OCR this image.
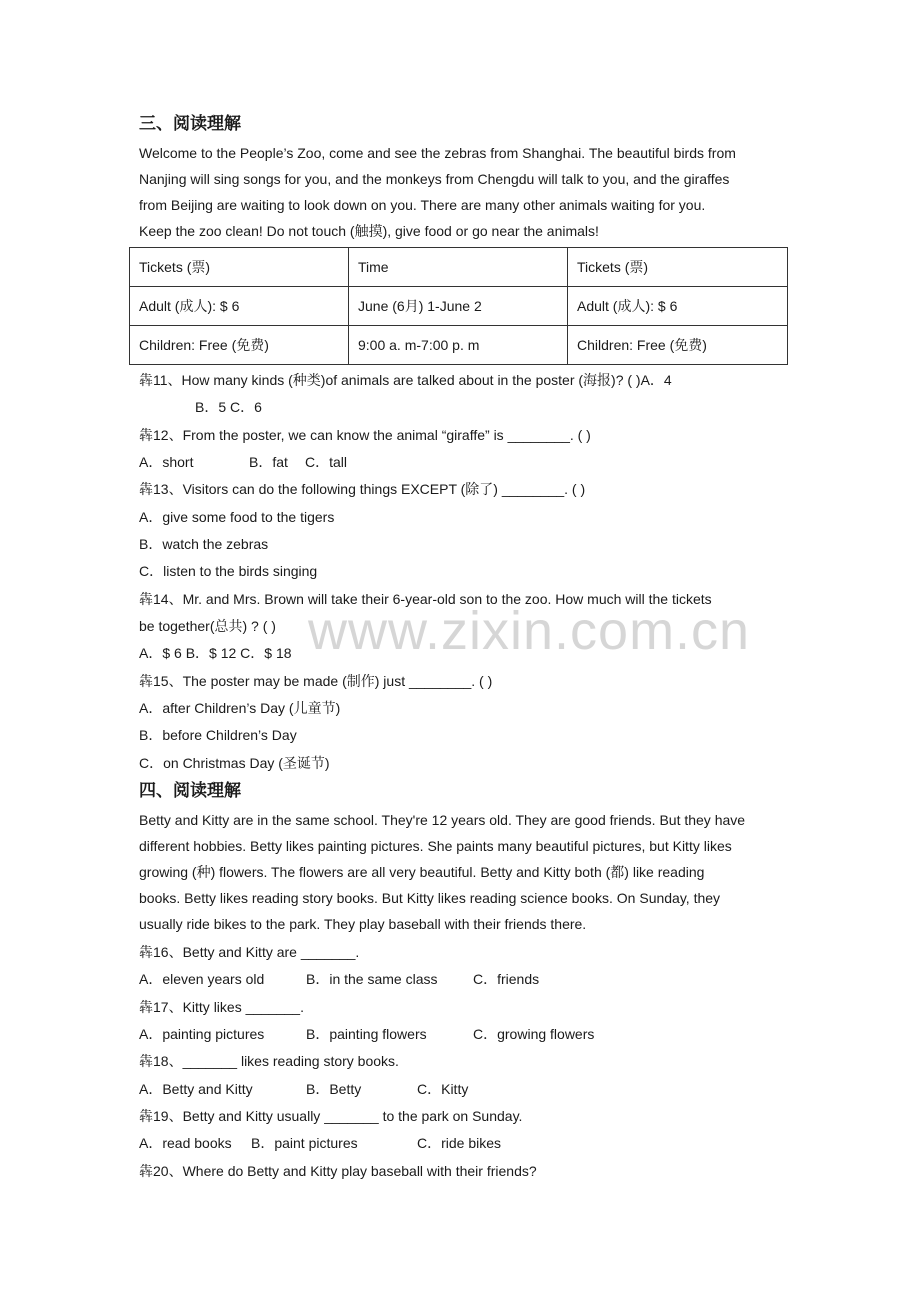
www.zixin.com.cn
三、阅读理解

Welcome to the People’s Zoo, come and see the zebras from Shanghai. The beautiful birds from

Nanjing will sing songs for you, and the monkeys from Chengdu will talk to you, and the giraffes

from Beijing are waiting to look down on you. There are many other animals waiting for you.

Keep the zoo clean! Do not touch (触摸), give food or go near the animals!

Tickets (票)	Time	Tickets (票)
Adult (成人): $ 6	June (6月) 1-June 2	Adult (成人): $ 6
Children: Free (免费)	9:00 a. m-7:00 p. m	Children: Free (免费)
犇11、How many kinds (种类)of animals are talked about in the poster (海报)? ( )A．4
B．5 C．6
犇12、From the poster, we can know the animal “giraffe” is ________. ( )
A．short	B．fat C．tall
犇13、Visitors can do the following things EXCEPT (除了) ________. ( )
A．give some food to the tigers
B．watch the zebras
C．listen to the birds singing
犇14、Mr. and Mrs. Brown will take their 6-year-old son to the zoo. How much will the tickets
be together(总共) ? ( )
A．$ 6 B．$ 12 C．$ 18
犇15、The poster may be made (制作) just ________. ( )
A．after Children’s Day (儿童节)
B．before Children’s Day
C．on Christmas Day (圣诞节)
四、阅读理解

Betty and Kitty are in the same school. They're 12 years old. They are good friends. But they have

different hobbies. Betty likes painting pictures. She paints many beautiful pictures, but Kitty likes

growing (种) flowers. The flowers are all very beautiful. Betty and Kitty both (都) like reading

books. Betty likes reading story books. But Kitty likes reading science books. On Sunday, they

usually ride bikes to the park. They play baseball with their friends there.

犇16、Betty and Kitty are _______.
A．eleven years old	B．in the same class	C．friends
犇17、Kitty likes _______.
A．painting pictures	B．painting flowers	C．growing flowers
犇18、_______ likes reading story books.
A．Betty and Kitty	B．Betty	C．Kitty
犇19、Betty and Kitty usually _______ to the park on Sunday.
A．read books B．paint pictures	C．ride bikes
犇20、Where do Betty and Kitty play baseball with their friends?
